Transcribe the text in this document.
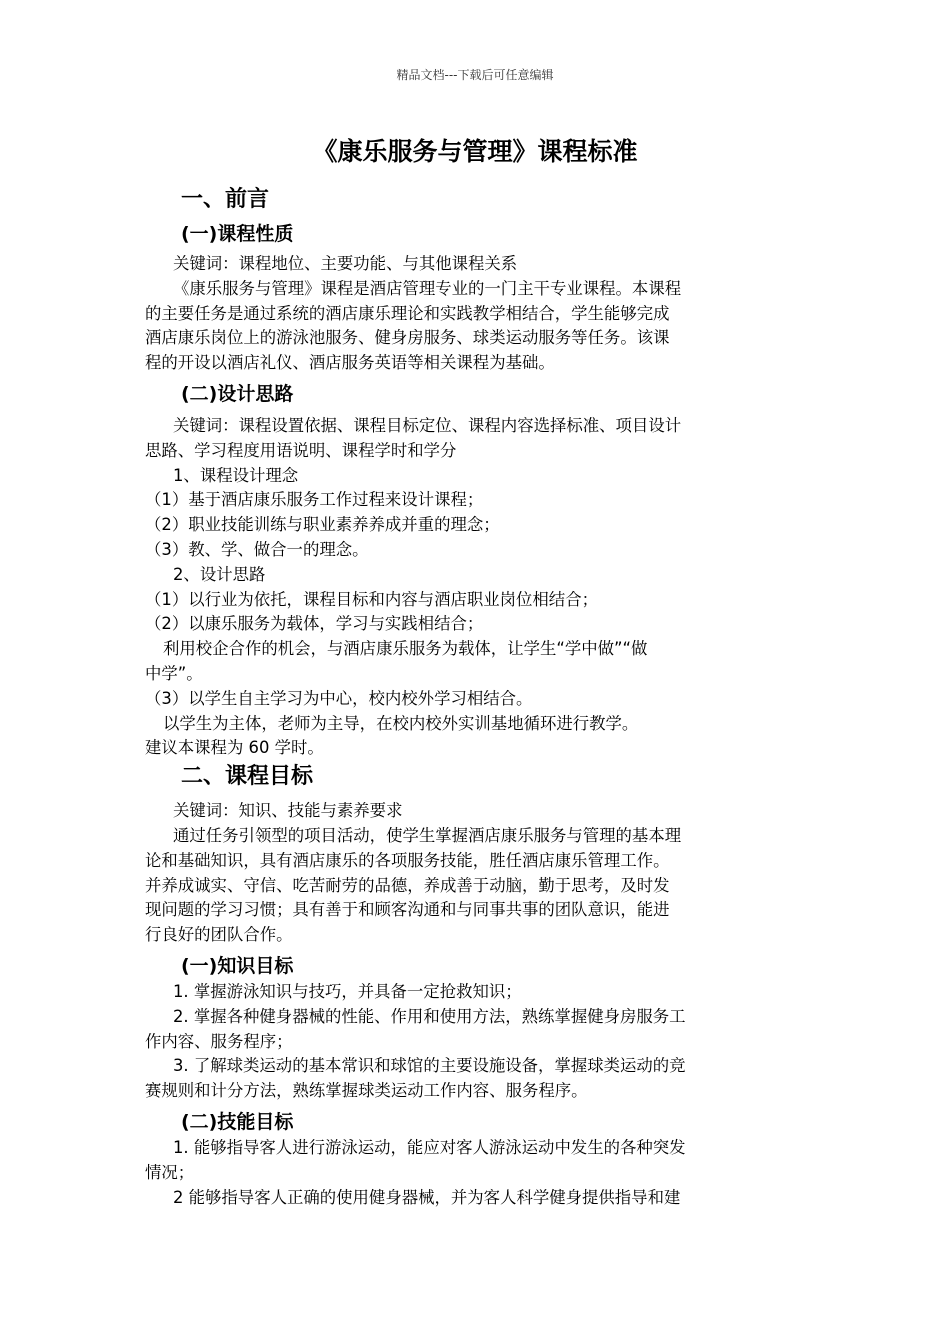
精品文档---下载后可任意编辑
《康乐服务与管理》课程标准
一、前言
(一)课程性质
关键词：课程地位、主要功能、与其他课程关系
《康乐服务与管理》课程是酒店管理专业的一门主干专业课程。本课程
的主要任务是通过系统的酒店康乐理论和实践教学相结合，学生能够完成
酒店康乐岗位上的游泳池服务、健身房服务、球类运动服务等任务。该课
程的开设以酒店礼仪、酒店服务英语等相关课程为基础。
(二)设计思路
关键词：课程设置依据、课程目标定位、课程内容选择标准、项目设计
思路、学习程度用语说明、课程学时和学分
1、课程设计理念
（1）基于酒店康乐服务工作过程来设计课程；
（2）职业技能训练与职业素养养成并重的理念；
（3）教、学、做合一的理念。
2、设计思路
（1）以行业为依托，课程目标和内容与酒店职业岗位相结合；
（2）以康乐服务为载体，学习与实践相结合；
利用校企合作的机会，与酒店康乐服务为载体，让学生“学中做”“做
中学”。
（3）以学生自主学习为中心，校内校外学习相结合。
以学生为主体，老师为主导，在校内校外实训基地循环进行教学。
建议本课程为 60 学时。
二、课程目标
关键词：知识、技能与素养要求
通过任务引领型的项目活动，使学生掌握酒店康乐服务与管理的基本理
论和基础知识，具有酒店康乐的各项服务技能，胜任酒店康乐管理工作。
并养成诚实、守信、吃苦耐劳的品德，养成善于动脑，勤于思考，及时发
现问题的学习习惯；具有善于和顾客沟通和与同事共事的团队意识，能进
行良好的团队合作。
(一)知识目标
1. 掌握游泳知识与技巧，并具备一定抢救知识；
2. 掌握各种健身器械的性能、作用和使用方法，熟练掌握健身房服务工
作内容、服务程序；
3. 了解球类运动的基本常识和球馆的主要设施设备，掌握球类运动的竞
赛规则和计分方法，熟练掌握球类运动工作内容、服务程序。
(二)技能目标
1. 能够指导客人进行游泳运动，能应对客人游泳运动中发生的各种突发
情况；
2 能够指导客人正确的使用健身器械，并为客人科学健身提供指导和建
